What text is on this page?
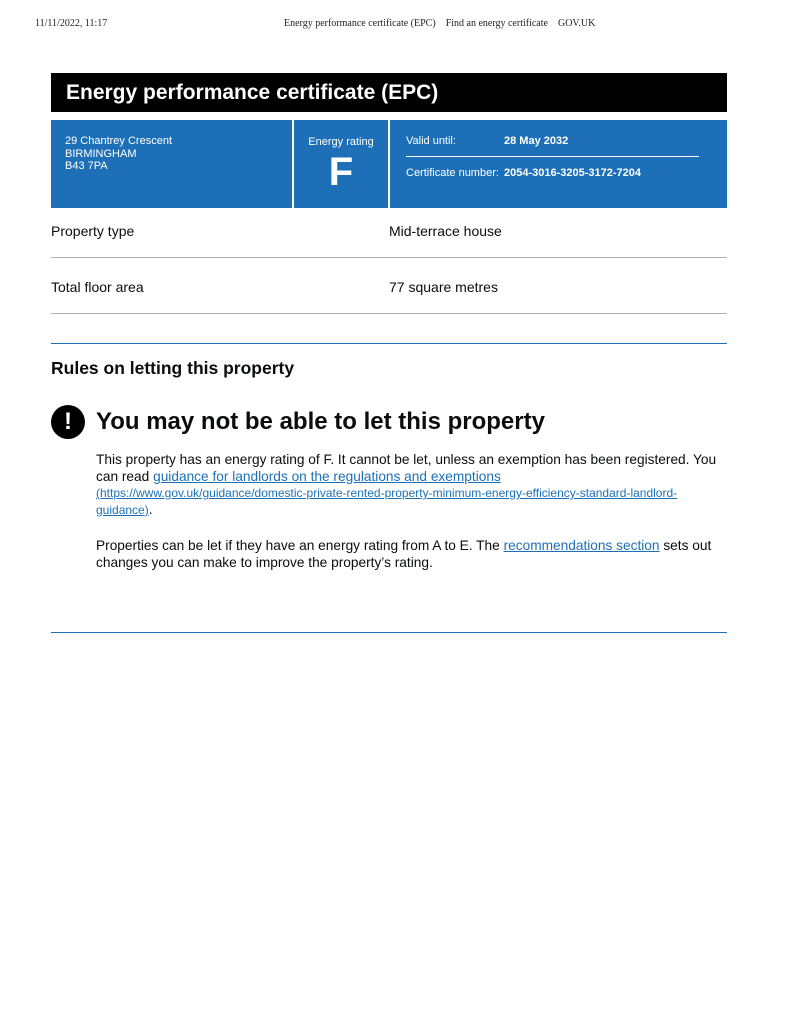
11/11/2022, 11:17	Energy performance certificate (EPC) Find an energy certificate GOV.UK
Energy performance certificate (EPC)
29 Chantrey Crescent
BIRMINGHAM
B43 7PA
Energy rating
F
Valid until:	28 May 2032
Certificate number: 2054-3016-3205-3172-7204
Property type	Mid-terrace house
Total floor area	77 square metres
Rules on letting this property
!	You may not be able to let this property
This property has an energy rating of F. It cannot be let, unless an exemption has been registered. You can read guidance for landlords on the regulations and exemptions
(https://www.gov.uk/guidance/domestic-private-rented-property-minimum-energy-efficiency-standard-landlord-guidance).
Properties can be let if they have an energy rating from A to E. The recommendations section sets out changes you can make to improve the property’s rating.
